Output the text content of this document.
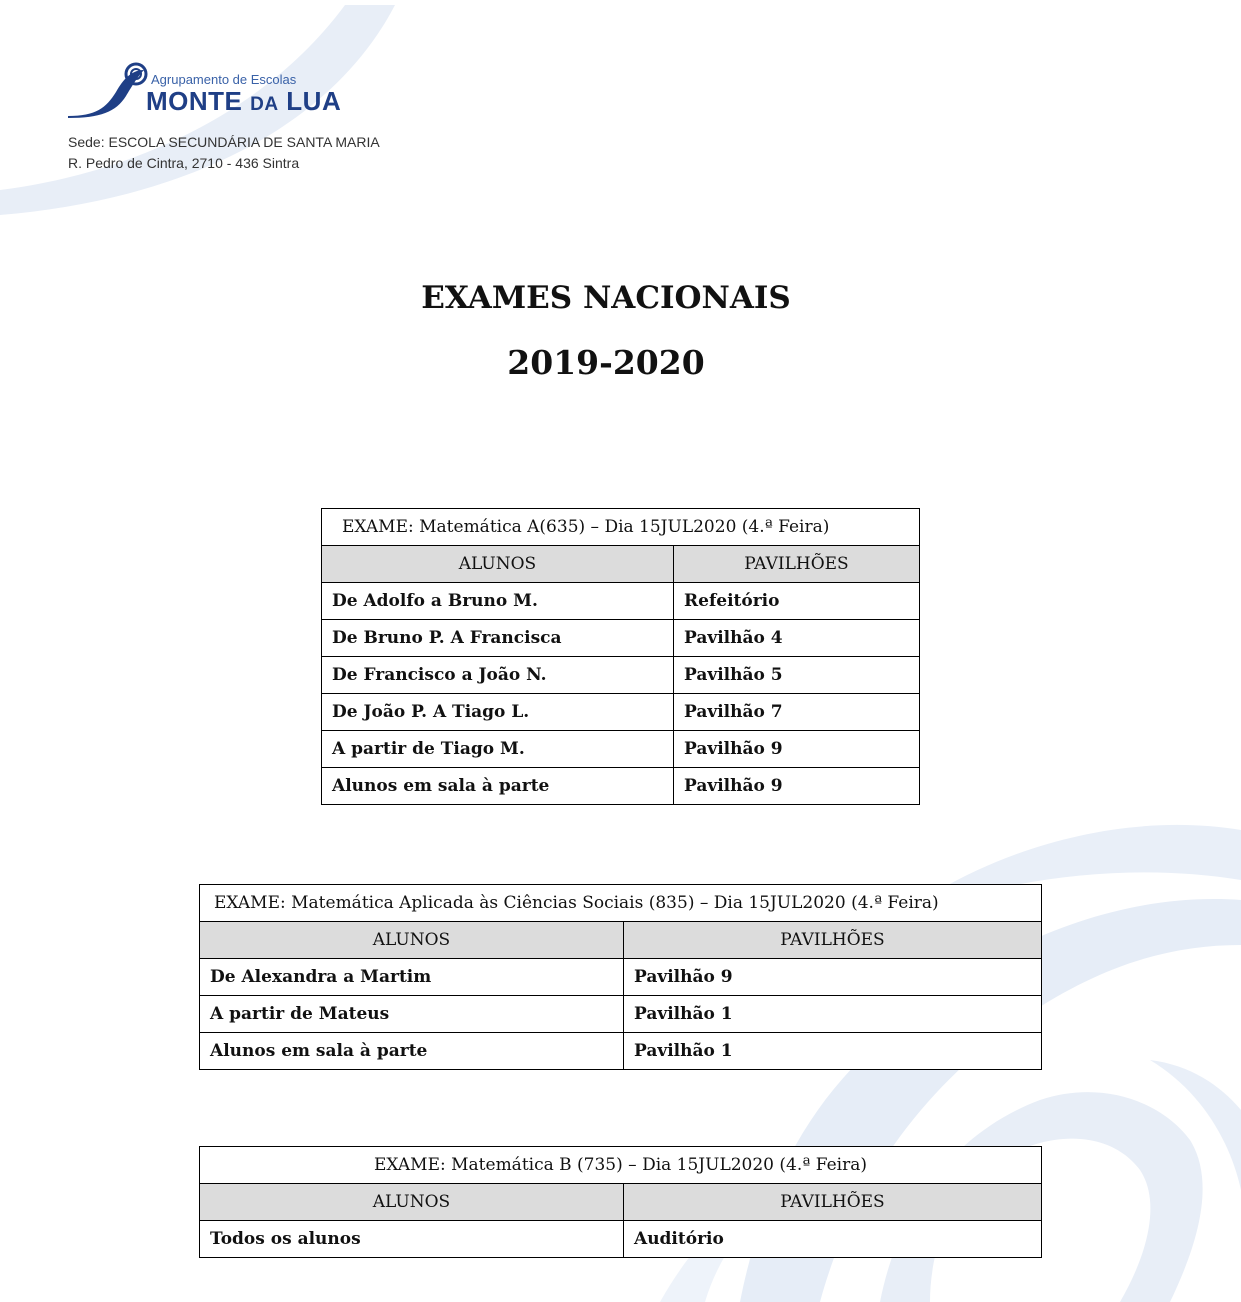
Agrupamento de Escolas
MONTE DA LUA
Sede: ESCOLA SECUNDÁRIA DE SANTA MARIA
R. Pedro de Cintra, 2710 - 436 Sintra
EXAMES NACIONAIS
2019-2020
EXAME: Matemática A(635) – Dia 15JUL2020 (4.ª Feira)	
ALUNOS	PAVILHÕES
De Adolfo a Bruno M.	Refeitório
De Bruno P. A Francisca	Pavilhão 4
De Francisco a João N.	Pavilhão 5
De João P. A Tiago L.	Pavilhão 7
A partir de Tiago M.	Pavilhão 9
Alunos em sala à parte	Pavilhão 9
EXAME: Matemática Aplicada às Ciências Sociais (835) – Dia 15JUL2020 (4.ª Feira)	
ALUNOS	PAVILHÕES
De Alexandra a Martim	Pavilhão 9
A partir de Mateus	Pavilhão 1
Alunos em sala à parte	Pavilhão 1
EXAME: Matemática B (735) – Dia 15JUL2020 (4.ª Feira)	
ALUNOS	PAVILHÕES
Todos os alunos	Auditório
